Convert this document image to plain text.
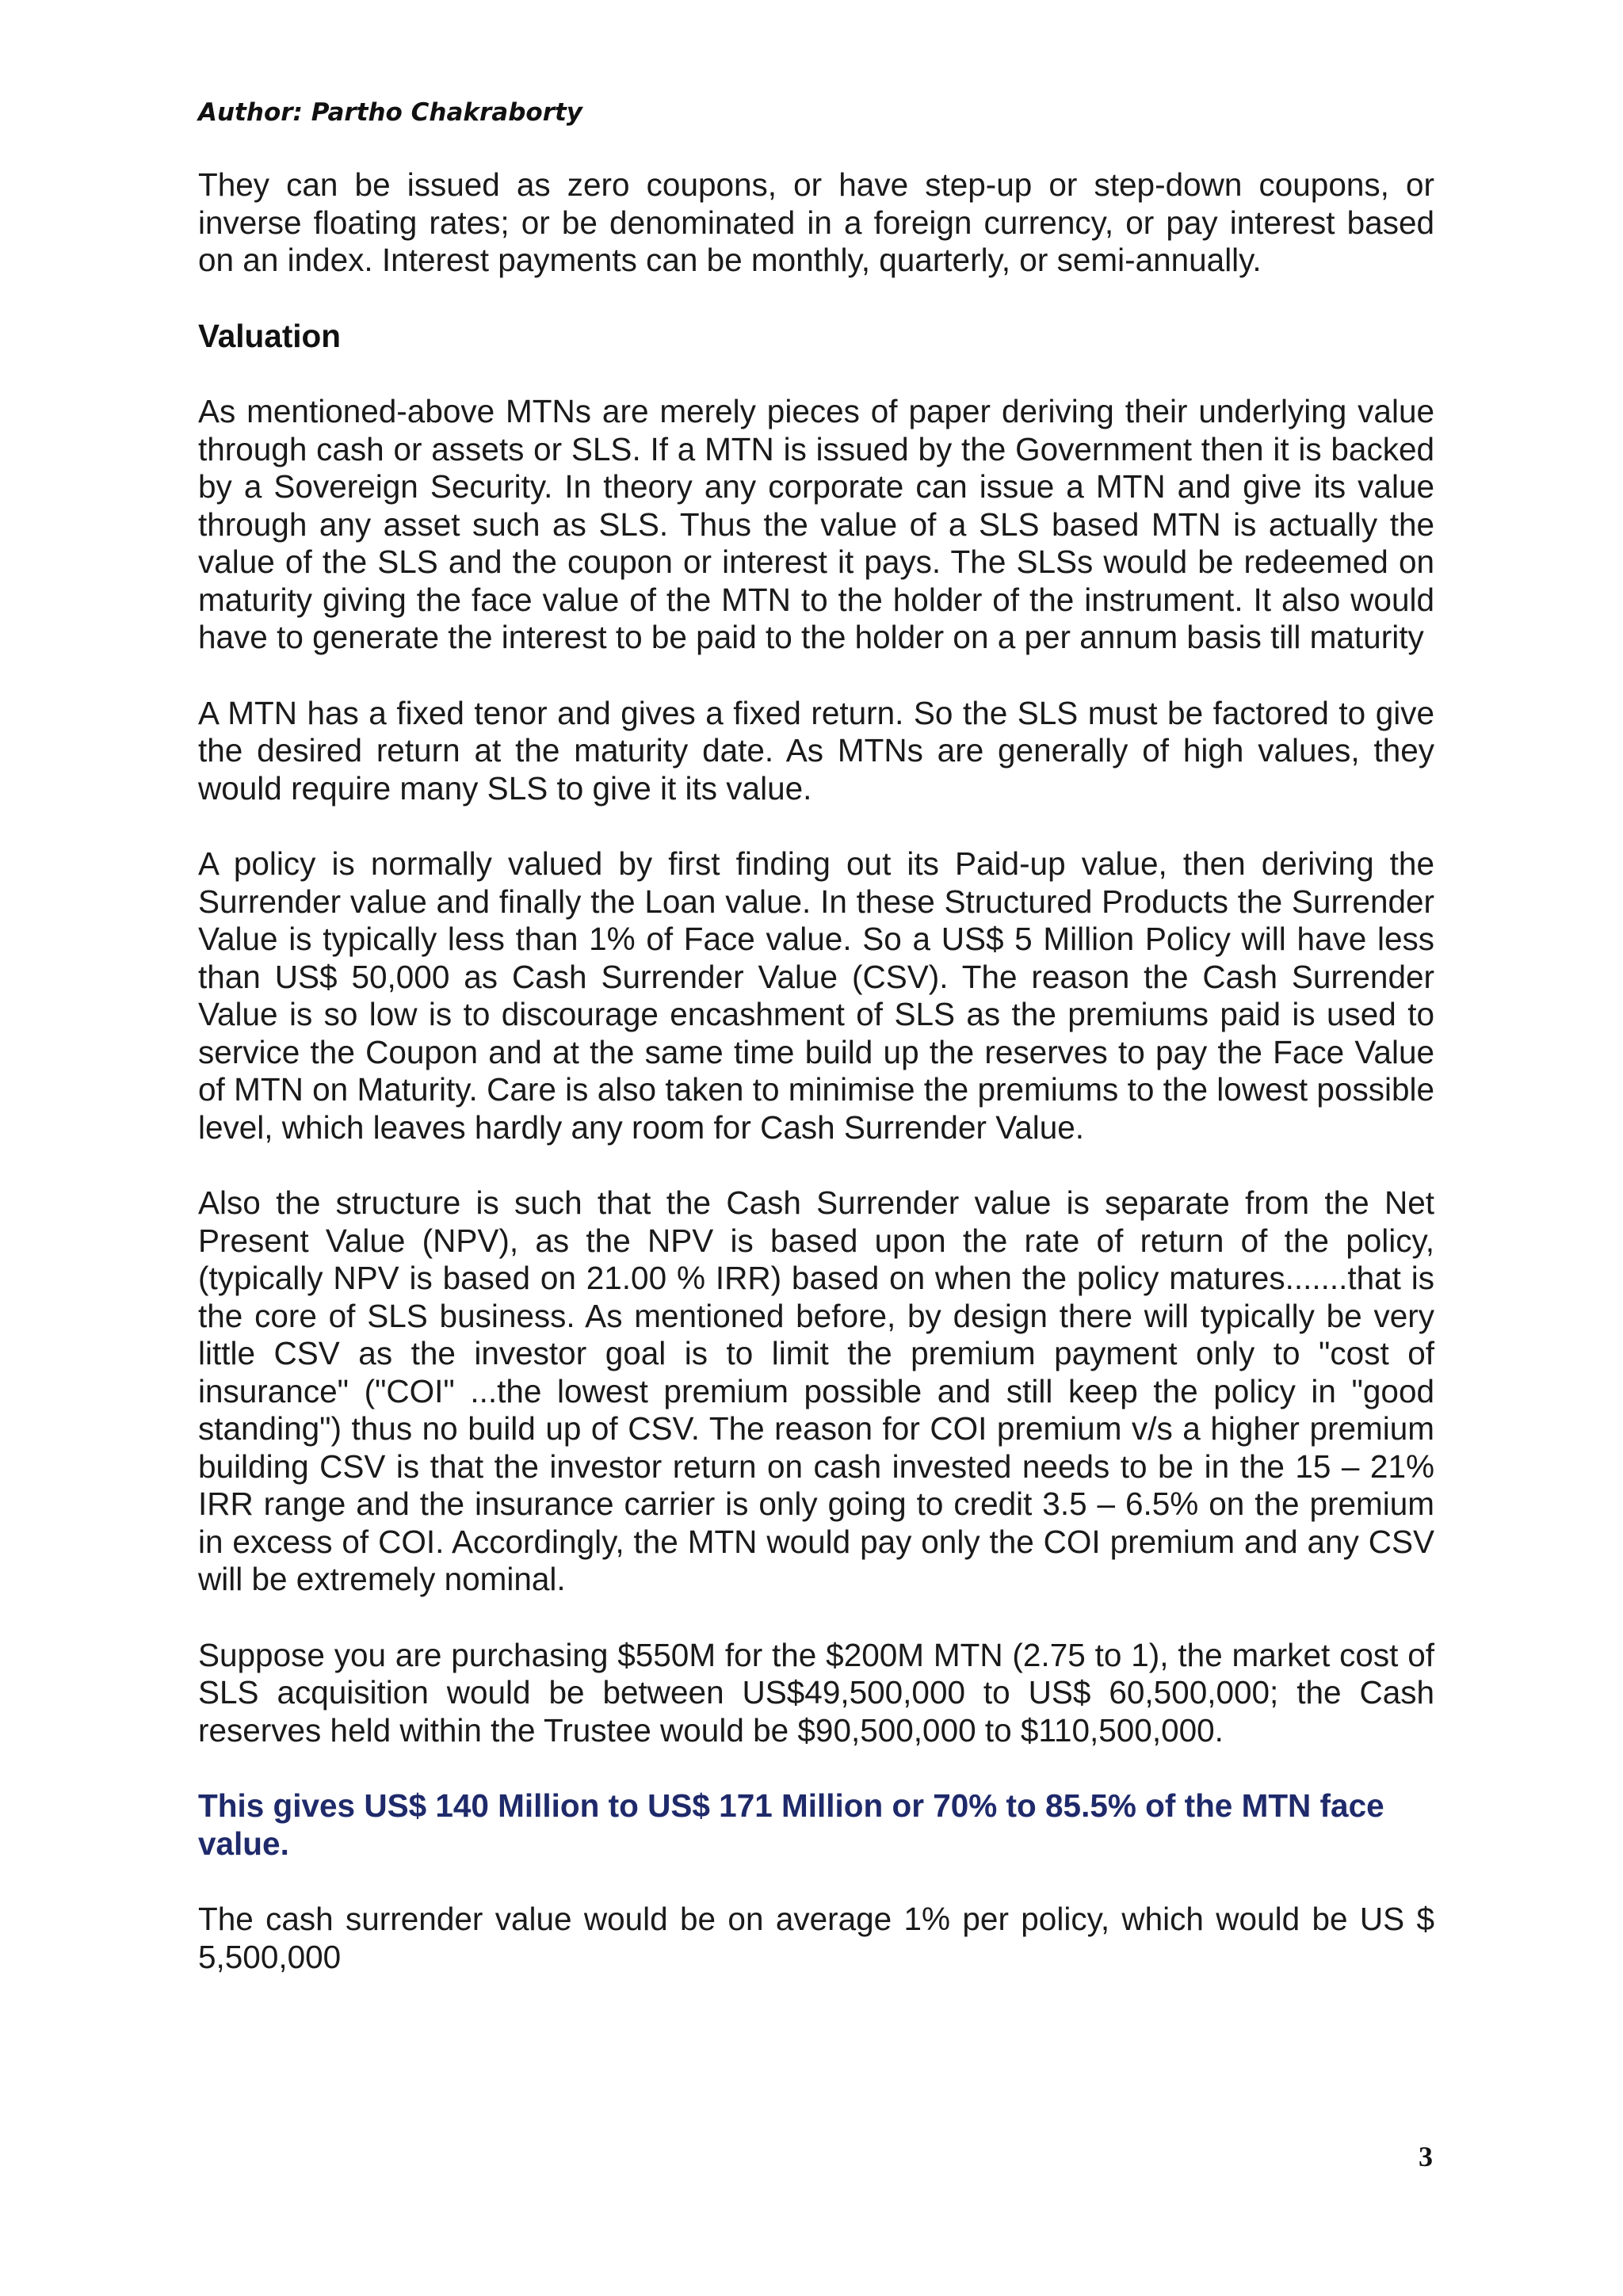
Author: Partho Chakraborty

They can be issued as zero coupons, or have step-up or step-down coupons, or inverse floating rates; or be denominated in a foreign currency, or pay interest based on an index. Interest payments can be monthly, quarterly, or semi-annually.

Valuation

As mentioned-above MTNs are merely pieces of paper deriving their underlying value through cash or assets or SLS. If a MTN is issued by the Government then it is backed by a Sovereign Security. In theory any corporate can issue a MTN and give its value through any asset such as SLS. Thus the value of a SLS based MTN is actually the value of the SLS and the coupon or interest it pays. The SLSs would be redeemed on maturity giving the face value of the MTN to the holder of the instrument. It also would have to generate the interest to be paid to the holder on a per annum basis till maturity

A MTN has a fixed tenor and gives a fixed return. So the SLS must be factored to give the desired return at the maturity date. As MTNs are generally of high values, they would require many SLS to give it its value.

A policy is normally valued by first finding out its Paid-up value, then deriving the Surrender value and finally the Loan value. In these Structured Products the Surrender Value is typically less than 1% of Face value. So a US$ 5 Million Policy will have less than US$ 50,000 as Cash Surrender Value (CSV). The reason the Cash Surrender Value is so low is to discourage encashment of SLS as the premiums paid is used to service the Coupon and at the same time build up the reserves to pay the Face Value of MTN on Maturity. Care is also taken to minimise the premiums to the lowest possible level, which leaves hardly any room for Cash Surrender Value.

Also the structure is such that the Cash Surrender value is separate from the Net Present Value (NPV), as the NPV is based upon the rate of return of the policy, (typically NPV is based on 21.00 % IRR) based on when the policy matures.......that is the core of SLS business. As mentioned before, by design there will typically be very little CSV as the investor goal is to limit the premium payment only to "cost of insurance" ("COI" ...the lowest premium possible and still keep the policy in "good standing") thus no build up of CSV. The reason for COI premium v/s a higher premium building CSV is that the investor return on cash invested needs to be in the 15 – 21% IRR range and the insurance carrier is only going to credit 3.5 – 6.5% on the premium in excess of COI. Accordingly, the MTN would pay only the COI premium and any CSV will be extremely nominal.

Suppose you are purchasing $550M for the $200M MTN (2.75 to 1), the market cost of SLS acquisition would be between US$49,500,000 to US$ 60,500,000; the Cash reserves held within the Trustee would be $90,500,000 to $110,500,000.

This gives US$ 140 Million to US$ 171 Million or 70% to 85.5% of the MTN face value.

The cash surrender value would be on average 1% per policy, which would be US $ 5,500,000

3
